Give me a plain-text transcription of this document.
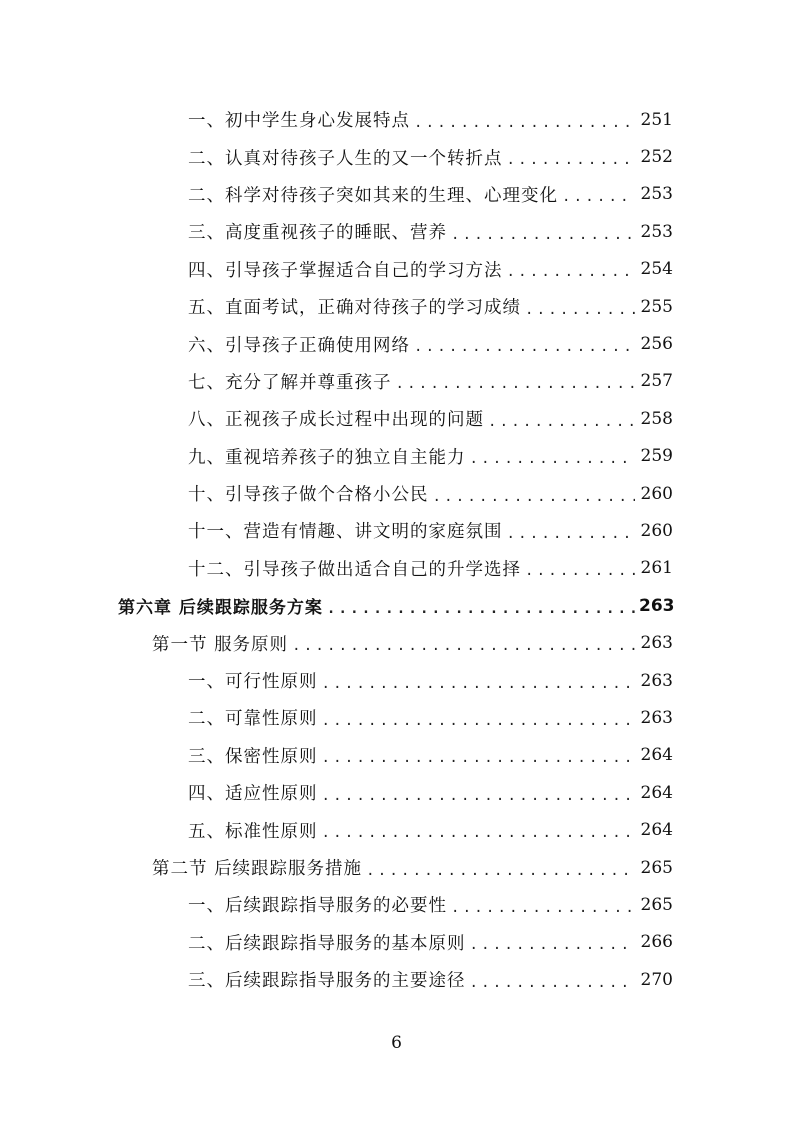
一、初中学生身心发展特点 .....	251
二、认真对待孩子人生的又一个转折点 .....	252
二、科学对待孩子突如其来的生理、心理变化 .....	253
三、高度重视孩子的睡眠、营养 .....	253
四、引导孩子掌握适合自己的学习方法 .....	254
五、直面考试，正确对待孩子的学习成绩 .....	255
六、引导孩子正确使用网络 .....	256
七、充分了解并尊重孩子 .....	257
八、正视孩子成长过程中出现的问题 .....	258
九、重视培养孩子的独立自主能力 .....	259
十、引导孩子做个合格小公民 .....	260
十一、营造有情趣、讲文明的家庭氛围 .....	260
十二、引导孩子做出适合自己的升学选择 .....	261
第六章 后续跟踪服务方案 .....	263
第一节 服务原则 .....	263
一、可行性原则 .....	263
二、可靠性原则 .....	263
三、保密性原则 .....	264
四、适应性原则 .....	264
五、标准性原则 .....	264
第二节 后续跟踪服务措施 .....	265
一、后续跟踪指导服务的必要性 .....	265
二、后续跟踪指导服务的基本原则 .....	266
三、后续跟踪指导服务的主要途径 .....	270
6
